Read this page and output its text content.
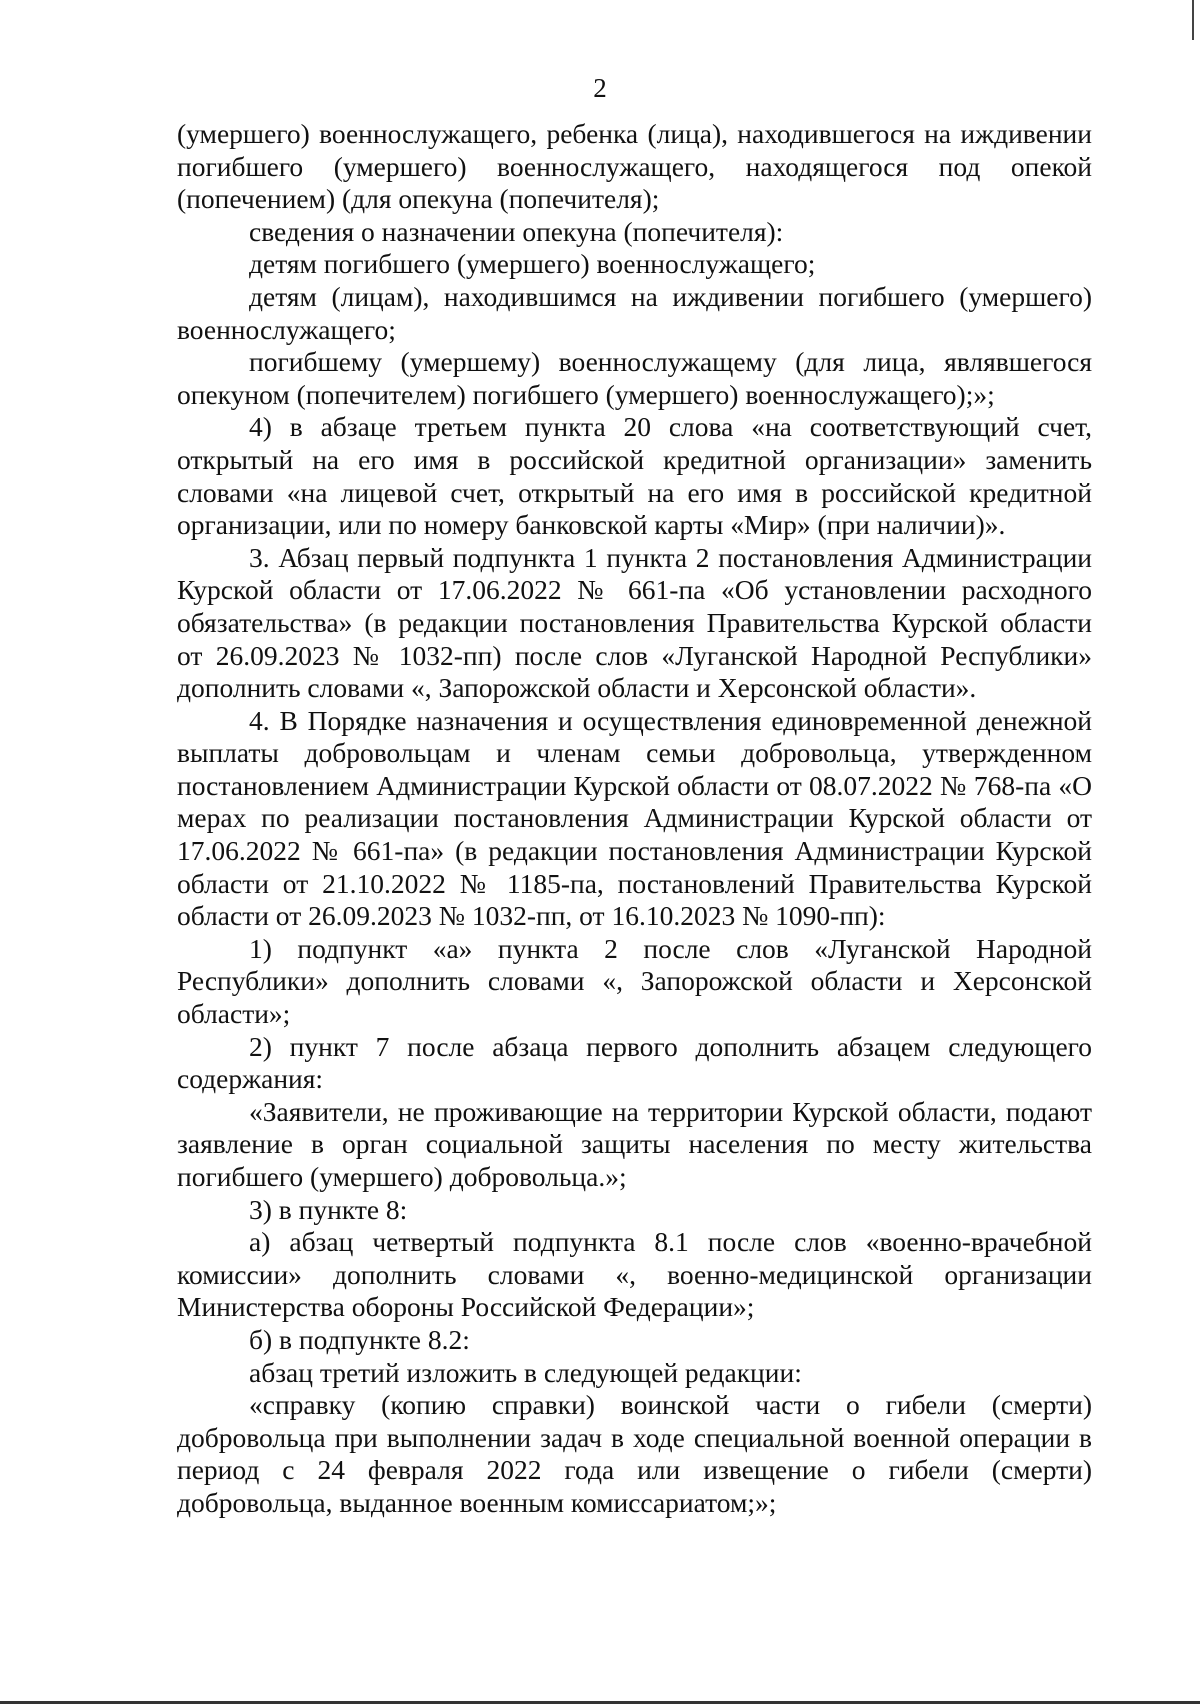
2

(умершего) военнослужащего, ребенка (лица), находившегося на иждивении погибшего (умершего) военнослужащего, находящегося под опекой (попечением) (для опекуна (попечителя);

сведения о назначении опекуна (попечителя):

детям погибшего (умершего) военнослужащего;

детям (лицам), находившимся на иждивении погибшего (умершего) военнослужащего;

погибшему (умершему) военнослужащему (для лица, являвшегося опекуном (попечителем) погибшего (умершего) военнослужащего);»;

4) в абзаце третьем пункта 20 слова «на соответствующий счет, открытый на его имя в российской кредитной организации» заменить словами «на лицевой счет, открытый на его имя в российской кредитной организации, или по номеру банковской карты «Мир» (при наличии)».

3. Абзац первый подпункта 1 пункта 2 постановления Администрации Курской области от 17.06.2022 № 661-па «Об установлении расходного обязательства» (в редакции постановления Правительства Курской области от 26.09.2023 № 1032-пп) после слов «Луганской Народной Республики» дополнить словами «, Запорожской области и Херсонской области».

4. В Порядке назначения и осуществления единовременной денежной выплаты добровольцам и членам семьи добровольца, утвержденном постановлением Администрации Курской области от 08.07.2022 № 768-па «О мерах по реализации постановления Администрации Курской области от 17.06.2022 № 661-па» (в редакции постановления Администрации Курской области от 21.10.2022 № 1185-па, постановлений Правительства Курской области от 26.09.2023 № 1032-пп, от 16.10.2023 № 1090-пп):

1) подпункт «а» пункта 2 после слов «Луганской Народной Республики» дополнить словами «, Запорожской области и Херсонской области»;

2) пункт 7 после абзаца первого дополнить абзацем следующего содержания:

«Заявители, не проживающие на территории Курской области, подают заявление в орган социальной защиты населения по месту жительства погибшего (умершего) добровольца.»;

3) в пункте 8:

а) абзац четвертый подпункта 8.1 после слов «военно-врачебной комиссии» дополнить словами «, военно-медицинской организации Министерства обороны Российской Федерации»;

б) в подпункте 8.2:

абзац третий изложить в следующей редакции:

«справку (копию справки) воинской части о гибели (смерти) добровольца при выполнении задач в ходе специальной военной операции в период с 24 февраля 2022 года или извещение о гибели (смерти) добровольца, выданное военным комиссариатом;»;
